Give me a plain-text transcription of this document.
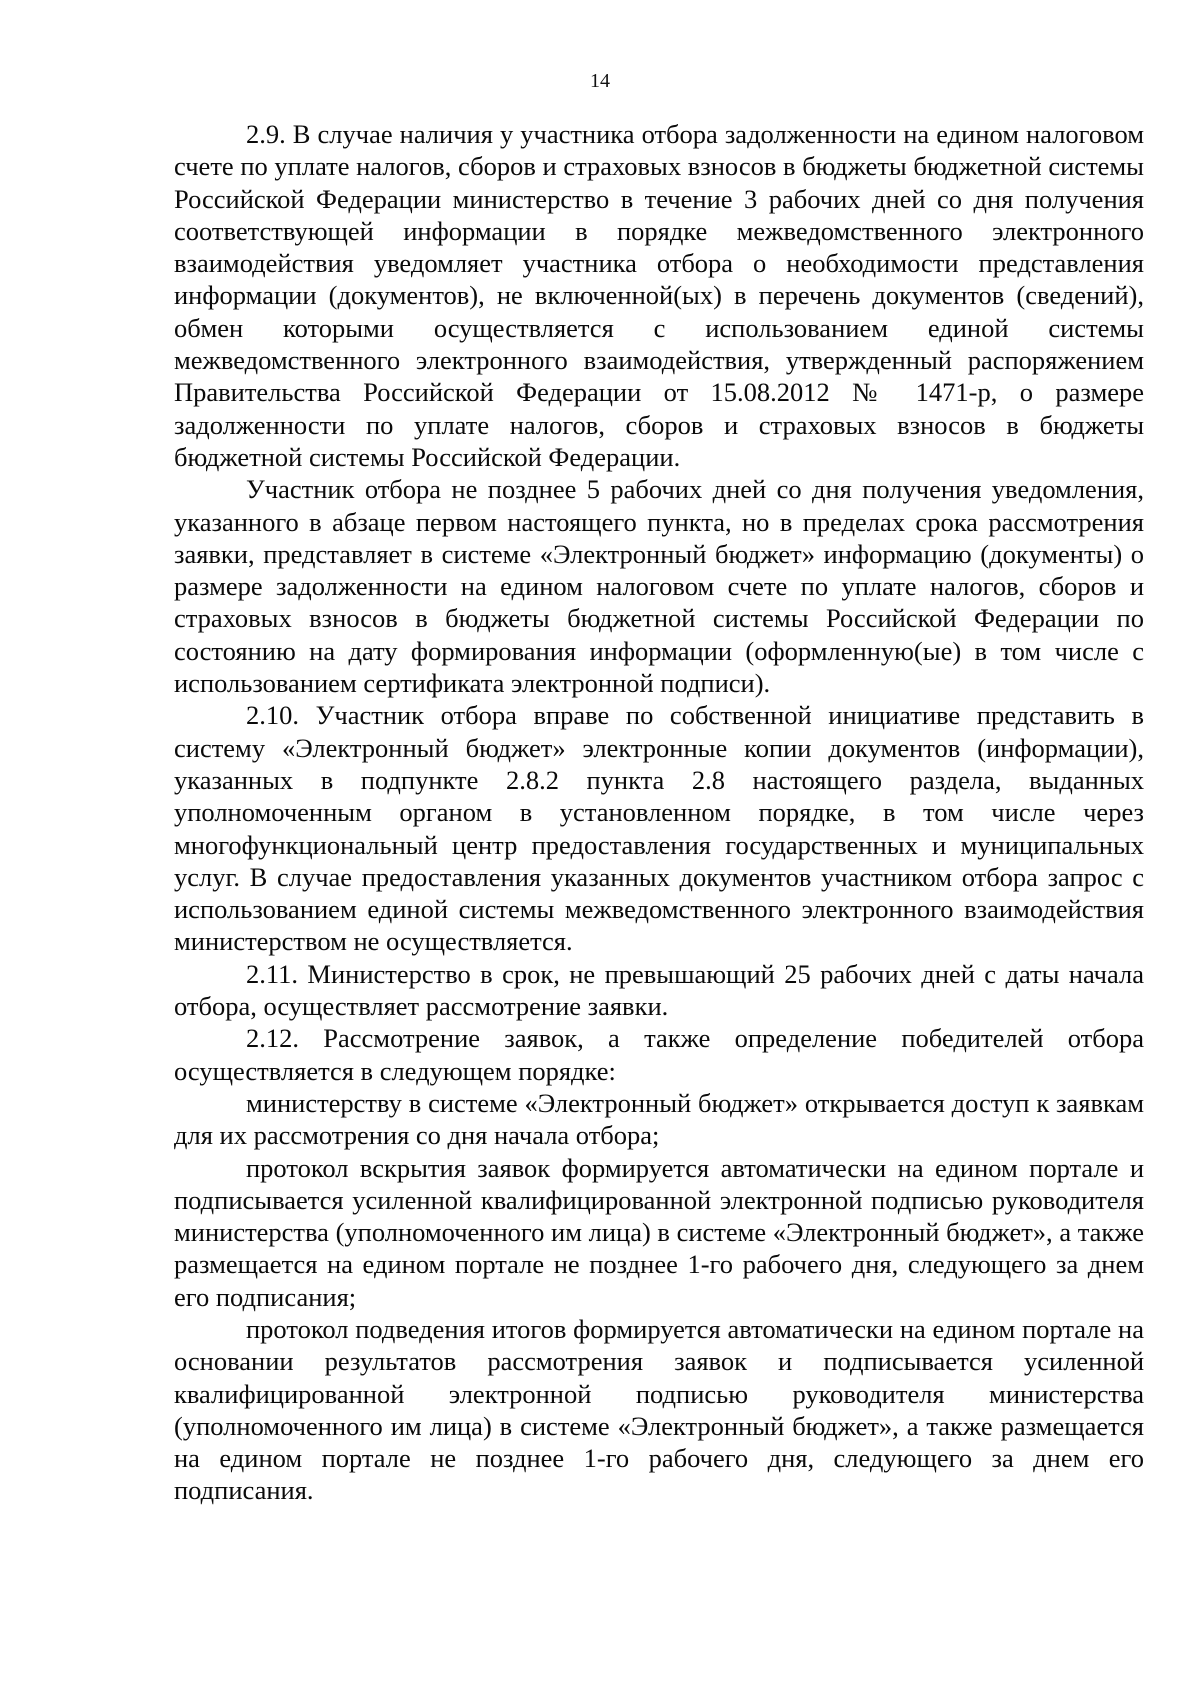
14

2.9. В случае наличия у участника отбора задолженности на едином налоговом счете по уплате налогов, сборов и страховых взносов в бюджеты бюджетной системы Российской Федерации министерство в течение 3 рабочих дней со дня получения соответствующей информации в порядке межведомственного электронного взаимодействия уведомляет участника отбора о необходимости представления информации (документов), не включенной(ых) в перечень документов (сведений), обмен которыми осуществляется с использованием единой системы межведомственного электронного взаимодействия, утвержденный распоряжением Правительства Российской Федерации от 15.08.2012 № 1471-р, о размере задолженности по уплате налогов, сборов и страховых взносов в бюджеты бюджетной системы Российской Федерации.

Участник отбора не позднее 5 рабочих дней со дня получения уведомления, указанного в абзаце первом настоящего пункта, но в пределах срока рассмотрения заявки, представляет в системе «Электронный бюджет» информацию (документы) о размере задолженности на едином налоговом счете по уплате налогов, сборов и страховых взносов в бюджеты бюджетной системы Российской Федерации по состоянию на дату формирования информации (оформленную(ые) в том числе с использованием сертификата электронной подписи).

2.10. Участник отбора вправе по собственной инициативе представить в систему «Электронный бюджет» электронные копии документов (информации), указанных в подпункте 2.8.2 пункта 2.8 настоящего раздела, выданных уполномоченным органом в установленном порядке, в том числе через многофункциональный центр предоставления государственных и муниципальных услуг. В случае предоставления указанных документов участником отбора запрос с использованием единой системы межведомственного электронного взаимодействия министерством не осуществляется.

2.11. Министерство в срок, не превышающий 25 рабочих дней с даты начала отбора, осуществляет рассмотрение заявки.

2.12. Рассмотрение заявок, а также определение победителей отбора осуществляется в следующем порядке:

министерству в системе «Электронный бюджет» открывается доступ к заявкам для их рассмотрения со дня начала отбора;

протокол вскрытия заявок формируется автоматически на едином портале и подписывается усиленной квалифицированной электронной подписью руководителя министерства (уполномоченного им лица) в системе «Электронный бюджет», а также размещается на едином портале не позднее 1-го рабочего дня, следующего за днем его подписания;

протокол подведения итогов формируется автоматически на едином портале на основании результатов рассмотрения заявок и подписывается усиленной квалифицированной электронной подписью руководителя министерства (уполномоченного им лица) в системе «Электронный бюджет», а также размещается на едином портале не позднее 1-го рабочего дня, следующего за днем его подписания.
